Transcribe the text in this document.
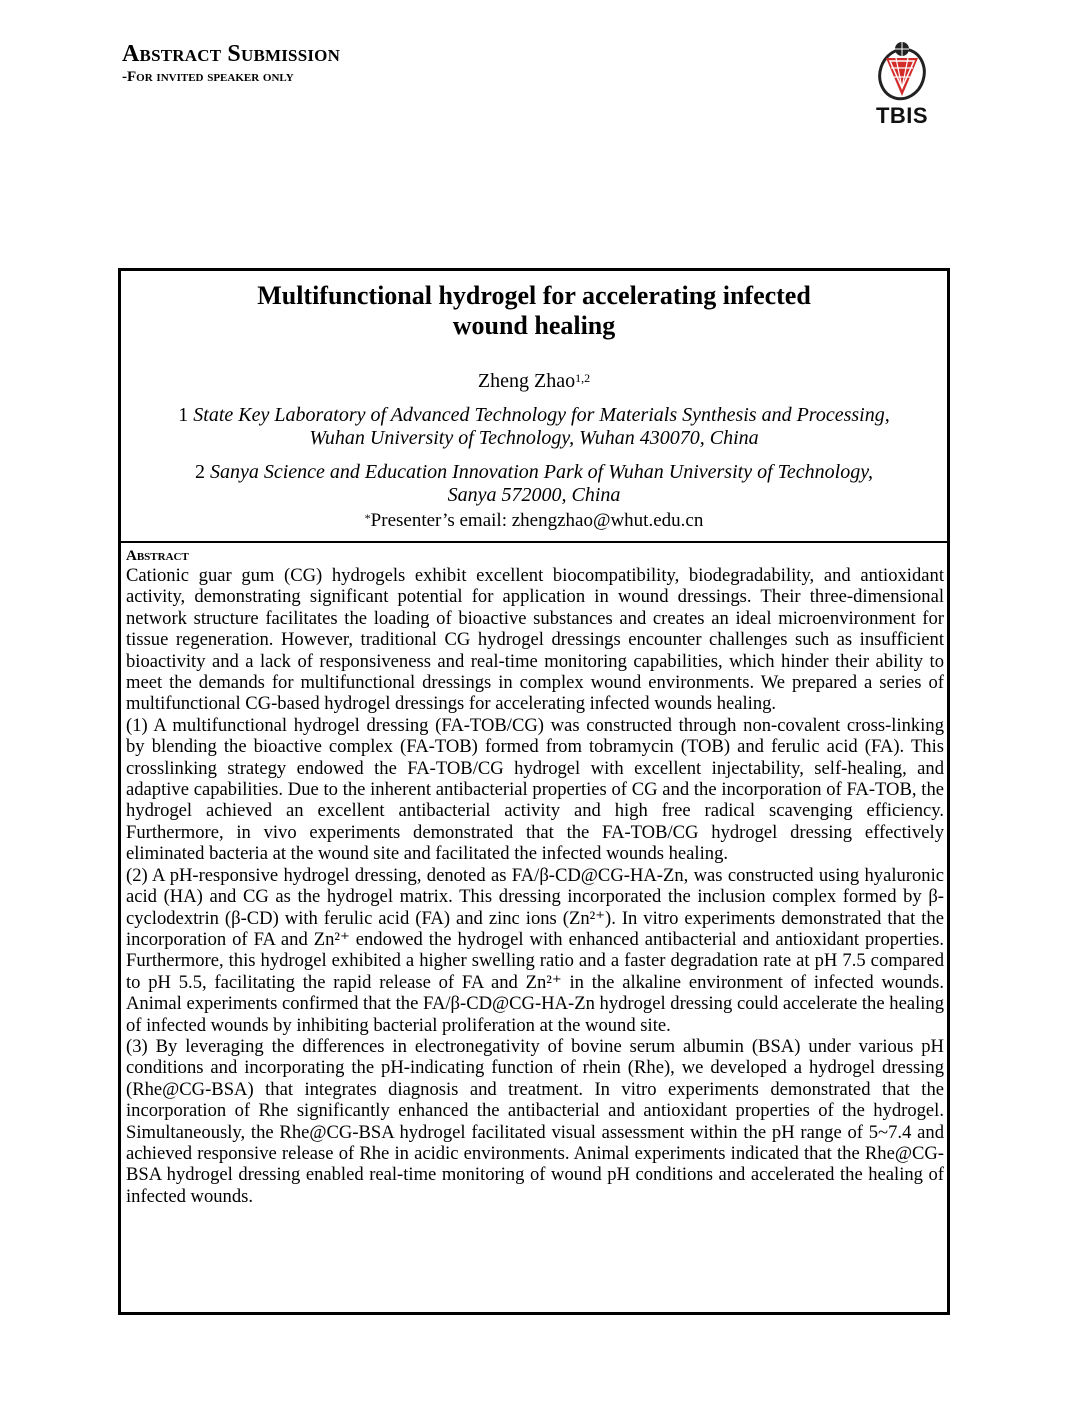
Abstract Submission
-For invited speaker only
TBIS
Multifunctional hydrogel for accelerating infected
wound healing
Zheng Zhao$^{1,2}$
1 State Key Laboratory of Advanced Technology for Materials Synthesis and Processing,
Wuhan University of Technology, Wuhan 430070, China
2 Sanya Science and Education Innovation Park of Wuhan University of Technology,
Sanya 572000, China
*Presenter’s email: zhengzhao@whut.edu.cn
Abstract

Cationic guar gum (CG) hydrogels exhibit excellent biocompatibility, biodegradability, and antioxidant activity, demonstrating significant potential for application in wound dressings. Their three-dimensional network structure facilitates the loading of bioactive substances and creates an ideal microenvironment for tissue regeneration. However, traditional CG hydrogel dressings encounter challenges such as insufficient bioactivity and a lack of responsiveness and real-time monitoring capabilities, which hinder their ability to meet the demands for multifunctional dressings in complex wound environments. We prepared a series of multifunctional CG-based hydrogel dressings for accelerating infected wounds healing.

(1) A multifunctional hydrogel dressing (FA-TOB/CG) was constructed through non-covalent cross-linking by blending the bioactive complex (FA-TOB) formed from tobramycin (TOB) and ferulic acid (FA). This crosslinking strategy endowed the FA-TOB/CG hydrogel with excellent injectability, self-healing, and adaptive capabilities. Due to the inherent antibacterial properties of CG and the incorporation of FA-TOB, the hydrogel achieved an excellent antibacterial activity and high free radical scavenging efficiency. Furthermore, in vivo experiments demonstrated that the FA-TOB/CG hydrogel dressing effectively eliminated bacteria at the wound site and facilitated the infected wounds healing.

(2) A pH-responsive hydrogel dressing, denoted as FA/β-CD@CG-HA-Zn, was constructed using hyaluronic acid (HA) and CG as the hydrogel matrix. This dressing incorporated the inclusion complex formed by β-cyclodextrin (β-CD) with ferulic acid (FA) and zinc ions (Zn²⁺). In vitro experiments demonstrated that the incorporation of FA and Zn²⁺ endowed the hydrogel with enhanced antibacterial and antioxidant properties. Furthermore, this hydrogel exhibited a higher swelling ratio and a faster degradation rate at pH 7.5 compared to pH 5.5, facilitating the rapid release of FA and Zn²⁺ in the alkaline environment of infected wounds. Animal experiments confirmed that the FA/β-CD@CG-HA-Zn hydrogel dressing could accelerate the healing of infected wounds by inhibiting bacterial proliferation at the wound site.

(3) By leveraging the differences in electronegativity of bovine serum albumin (BSA) under various pH conditions and incorporating the pH-indicating function of rhein (Rhe), we developed a hydrogel dressing (Rhe@CG-BSA) that integrates diagnosis and treatment. In vitro experiments demonstrated that the incorporation of Rhe significantly enhanced the antibacterial and antioxidant properties of the hydrogel. Simultaneously, the Rhe@CG-BSA hydrogel facilitated visual assessment within the pH range of 5~7.4 and achieved responsive release of Rhe in acidic environments. Animal experiments indicated that the Rhe@CG-BSA hydrogel dressing enabled real-time monitoring of wound pH conditions and accelerated the healing of infected wounds.
